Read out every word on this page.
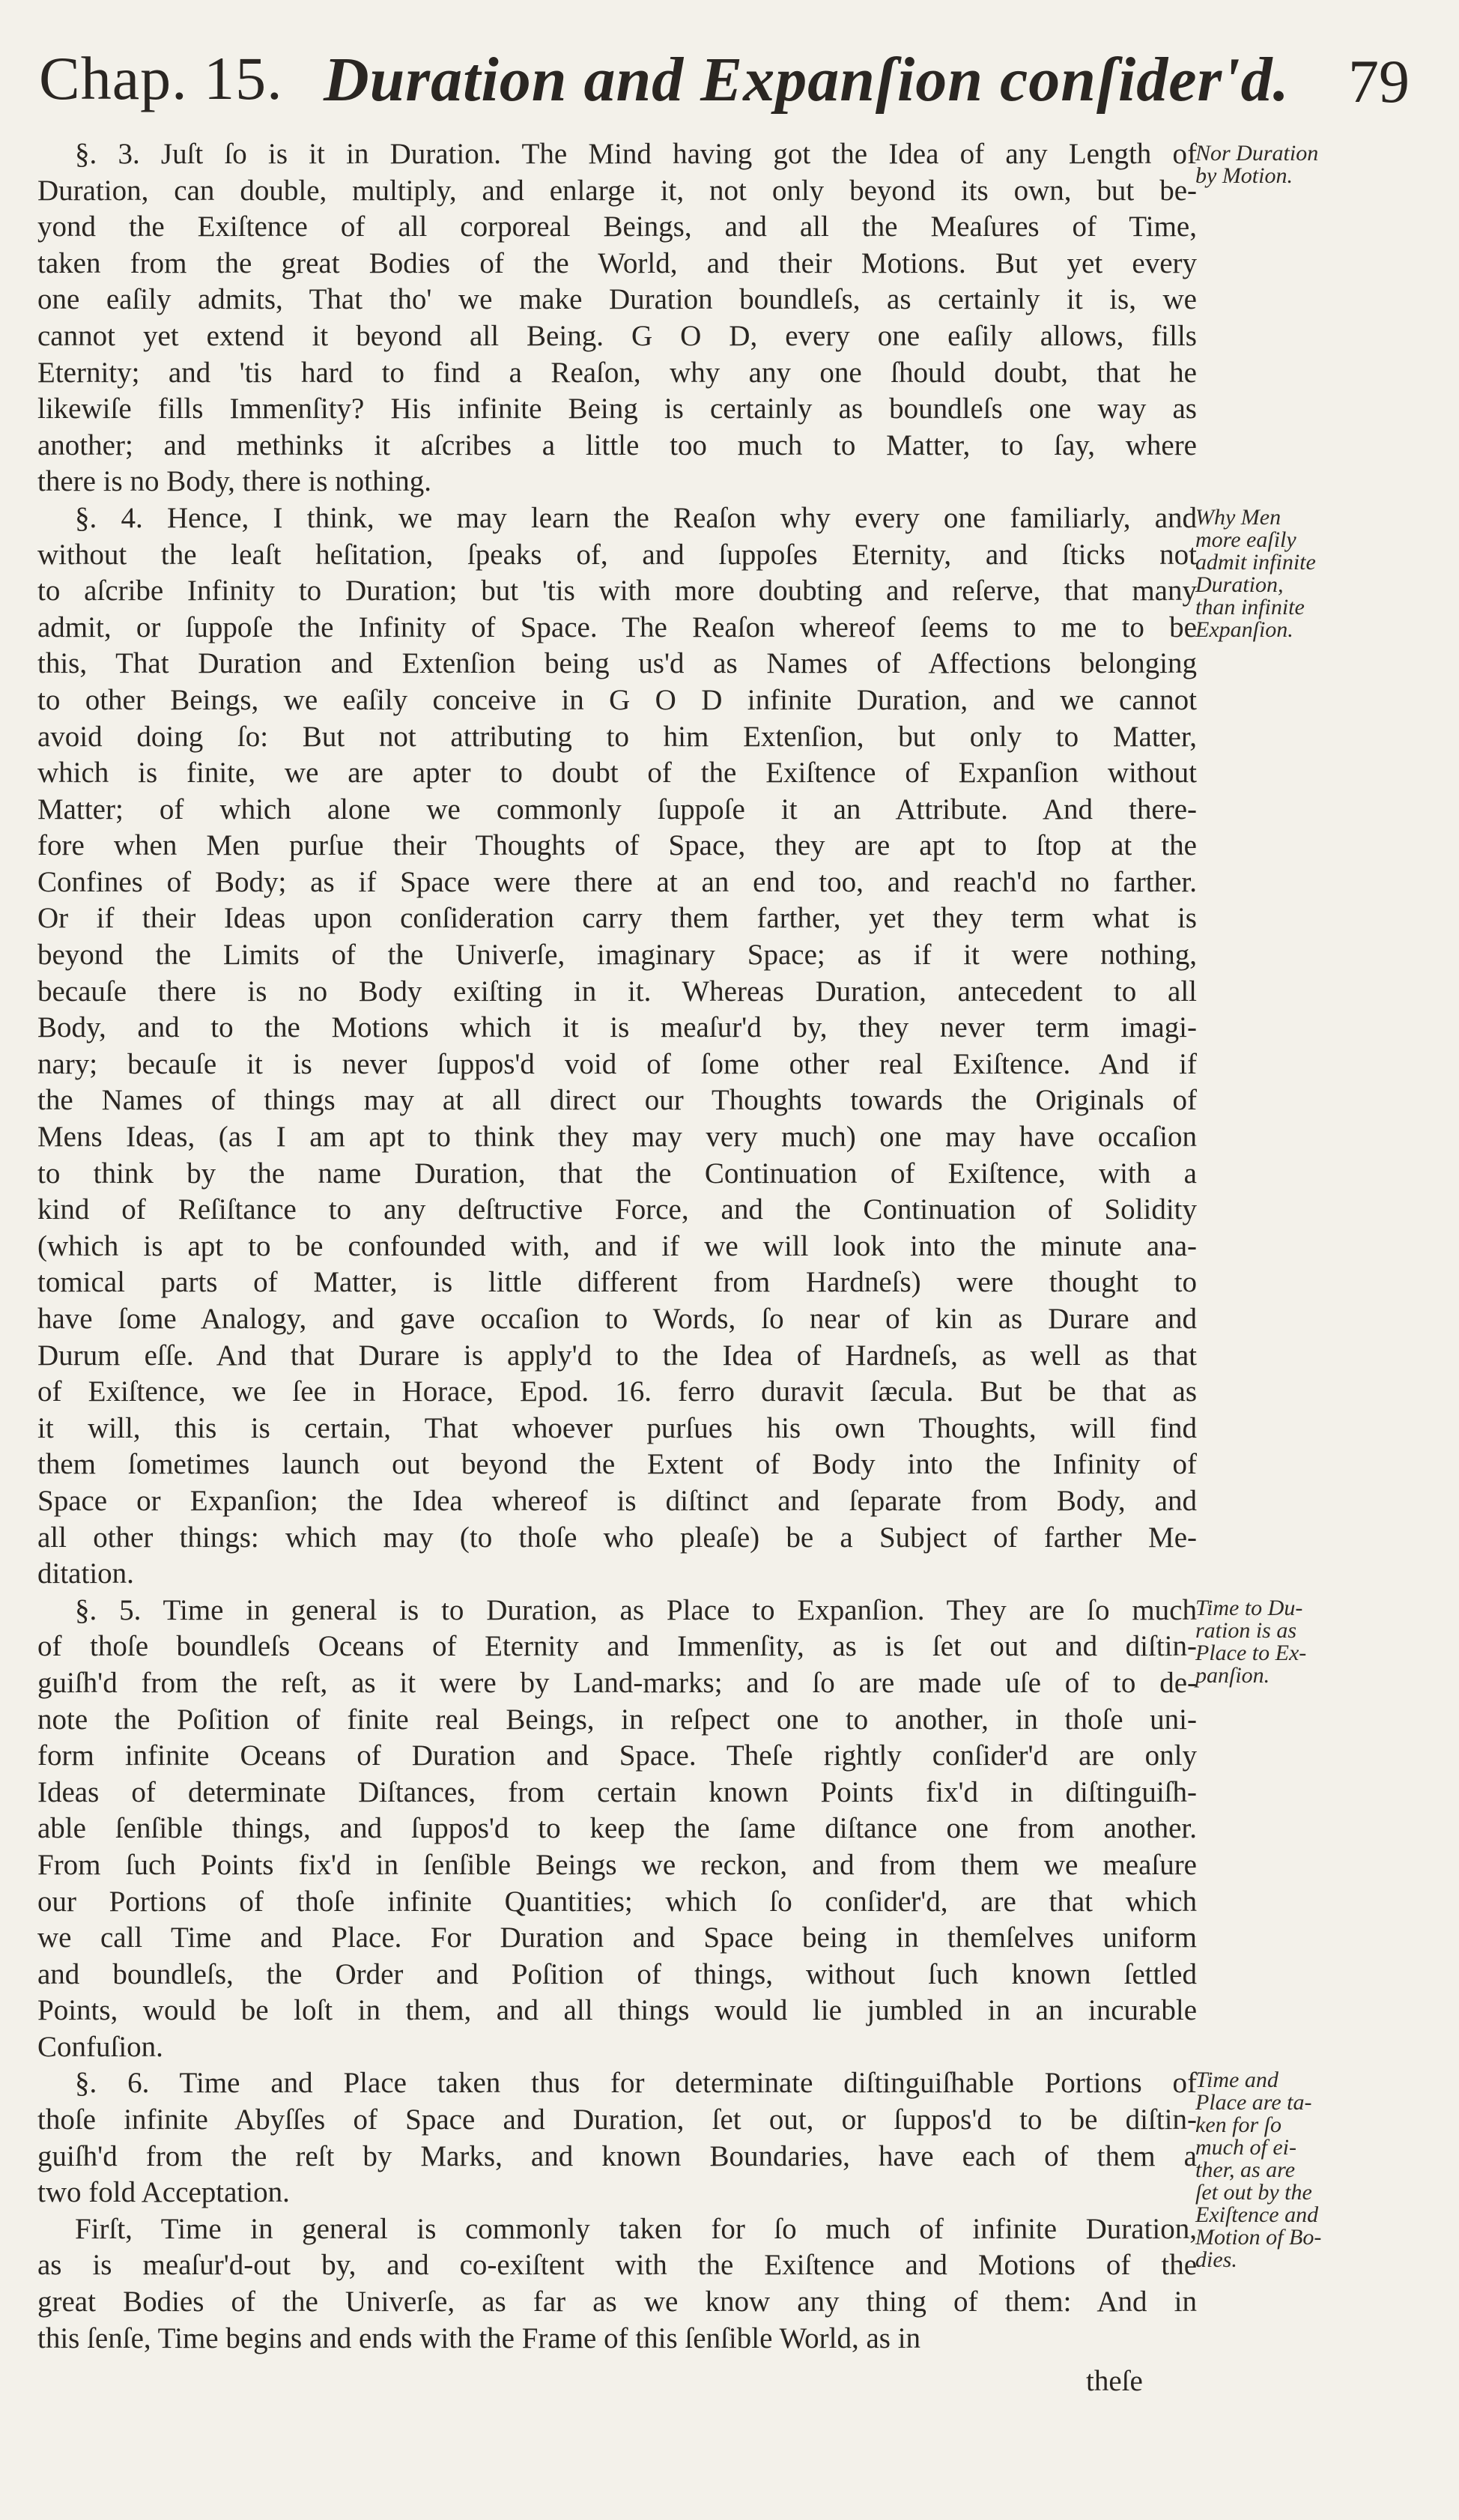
Chap. 15. Duration and Expanſion conſider'd. 79
§. 3. Juſt ſo is it in Duration. The Mind having got the Idea of any Length of
Duration, can double, multiply, and enlarge it, not only beyond its own, but be-
yond the Exiſtence of all corporeal Beings, and all the Meaſures of Time,
taken from the great Bodies of the World, and their Motions. But yet every
one eaſily admits, That tho' we make Duration boundleſs, as certainly it is, we
cannot yet extend it beyond all Being. G O D, every one eaſily allows, fills
Eternity; and 'tis hard to find a Reaſon, why any one ſhould doubt, that he
likewiſe fills Immenſity? His infinite Being is certainly as boundleſs one way as
another; and methinks it aſcribes a little too much to Matter, to ſay, where
there is no Body, there is nothing.
§. 4. Hence, I think, we may learn the Reaſon why every one familiarly, and
without the leaſt heſitation, ſpeaks of, and ſuppoſes Eternity, and ſticks not
to aſcribe Infinity to Duration; but 'tis with more doubting and reſerve, that many
admit, or ſuppoſe the Infinity of Space. The Reaſon whereof ſeems to me to be
this, That Duration and Extenſion being us'd as Names of Affections belonging
to other Beings, we eaſily conceive in G O D infinite Duration, and we cannot
avoid doing ſo: But not attributing to him Extenſion, but only to Matter,
which is finite, we are apter to doubt of the Exiſtence of Expanſion without
Matter; of which alone we commonly ſuppoſe it an Attribute. And there-
fore when Men purſue their Thoughts of Space, they are apt to ſtop at the
Confines of Body; as if Space were there at an end too, and reach'd no farther.
Or if their Ideas upon conſideration carry them farther, yet they term what is
beyond the Limits of the Univerſe, imaginary Space; as if it were nothing,
becauſe there is no Body exiſting in it. Whereas Duration, antecedent to all
Body, and to the Motions which it is meaſur'd by, they never term imagi-
nary; becauſe it is never ſuppos'd void of ſome other real Exiſtence. And if
the Names of things may at all direct our Thoughts towards the Originals of
Mens Ideas, (as I am apt to think they may very much) one may have occaſion
to think by the name Duration, that the Continuation of Exiſtence, with a
kind of Reſiſtance to any deſtructive Force, and the Continuation of Solidity
(which is apt to be confounded with, and if we will look into the minute ana-
tomical parts of Matter, is little different from Hardneſs) were thought to
have ſome Analogy, and gave occaſion to Words, ſo near of kin as Durare and
Durum eſſe. And that Durare is apply'd to the Idea of Hardneſs, as well as that
of Exiſtence, we ſee in Horace, Epod. 16. ferro duravit ſæcula. But be that as
it will, this is certain, That whoever purſues his own Thoughts, will find
them ſometimes launch out beyond the Extent of Body into the Infinity of
Space or Expanſion; the Idea whereof is diſtinct and ſeparate from Body, and
all other things: which may (to thoſe who pleaſe) be a Subject of farther Me-
ditation.
§. 5. Time in general is to Duration, as Place to Expanſion. They are ſo much
of thoſe boundleſs Oceans of Eternity and Immenſity, as is ſet out and diſtin-
guiſh'd from the reſt, as it were by Land-marks; and ſo are made uſe of to de-
note the Poſition of finite real Beings, in reſpect one to another, in thoſe uni-
form infinite Oceans of Duration and Space. Theſe rightly conſider'd are only
Ideas of determinate Diſtances, from certain known Points fix'd in diſtinguiſh-
able ſenſible things, and ſuppos'd to keep the ſame diſtance one from another.
From ſuch Points fix'd in ſenſible Beings we reckon, and from them we meaſure
our Portions of thoſe infinite Quantities; which ſo conſider'd, are that which
we call Time and Place. For Duration and Space being in themſelves uniform
and boundleſs, the Order and Poſition of things, without ſuch known ſettled
Points, would be loſt in them, and all things would lie jumbled in an incurable
Confuſion.
§. 6. Time and Place taken thus for determinate diſtinguiſhable Portions of
thoſe infinite Abyſſes of Space and Duration, ſet out, or ſuppos'd to be diſtin-
guiſh'd from the reſt by Marks, and known Boundaries, have each of them a
two fold Acceptation.
Firſt, Time in general is commonly taken for ſo much of infinite Duration,
as is meaſur'd-out by, and co-exiſtent with the Exiſtence and Motions of the
great Bodies of the Univerſe, as far as we know any thing of them: And in
this ſenſe, Time begins and ends with the Frame of this ſenſible World, as in
Nor Duration
by Motion.
Why Men
more eaſily
admit infinite
Duration,
than infinite
Expanſion.
Time to Du-
ration is as
Place to Ex-
panſion.
Time and
Place are ta-
ken for ſo
much of ei-
ther, as are
ſet out by the
Exiſtence and
Motion of Bo-
dies.
theſe
